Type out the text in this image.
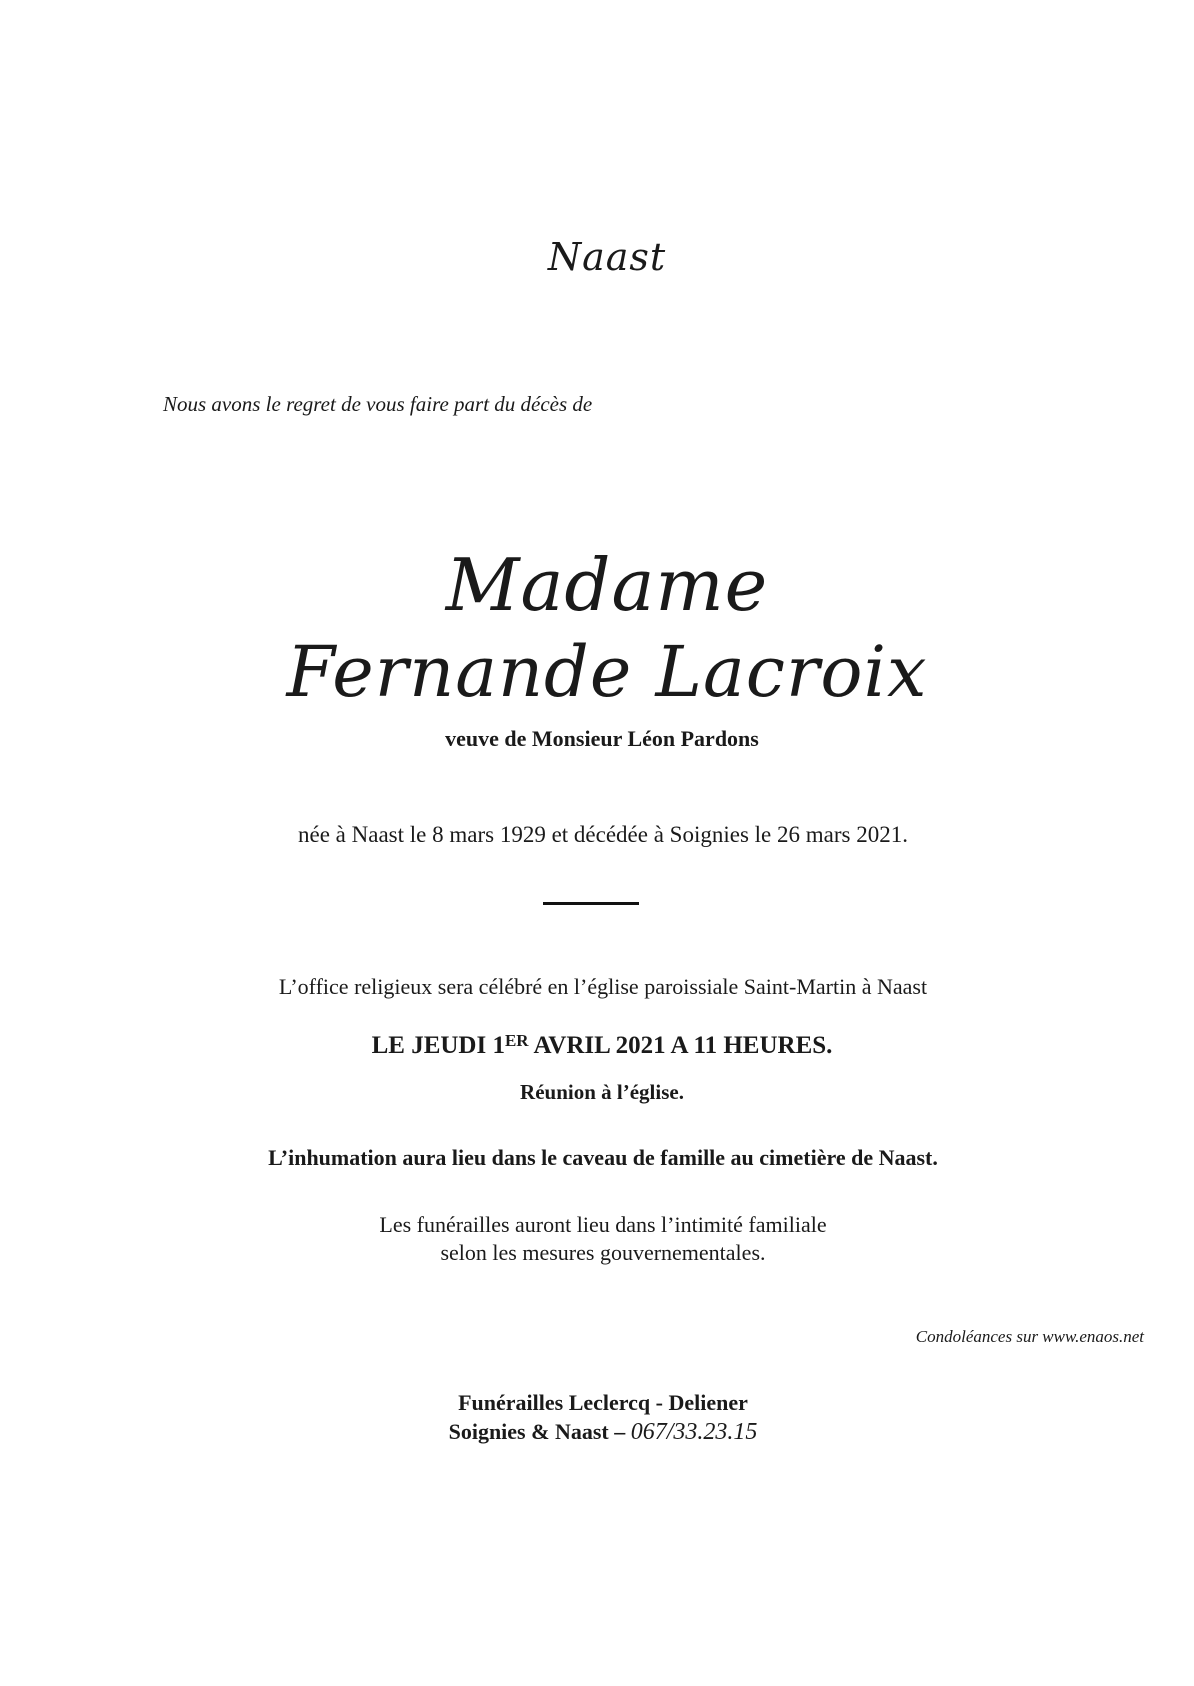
Naast
Nous avons le regret de vous faire part du décès de
Madame
Fernande Lacroix
veuve de Monsieur Léon Pardons
née à Naast le 8 mars 1929 et décédée à Soignies le 26 mars 2021.
L’office religieux sera célébré en l’église paroissiale Saint-Martin à Naast
LE JEUDI 1ER AVRIL 2021 A 11 HEURES.
Réunion à l’église.
L’inhumation aura lieu dans le caveau de famille au cimetière de Naast.
Les funérailles auront lieu dans l’intimité familiale
selon les mesures gouvernementales.
Condoléances sur www.enaos.net
Funérailles Leclercq - Deliener
Soignies & Naast – 067/33.23.15
